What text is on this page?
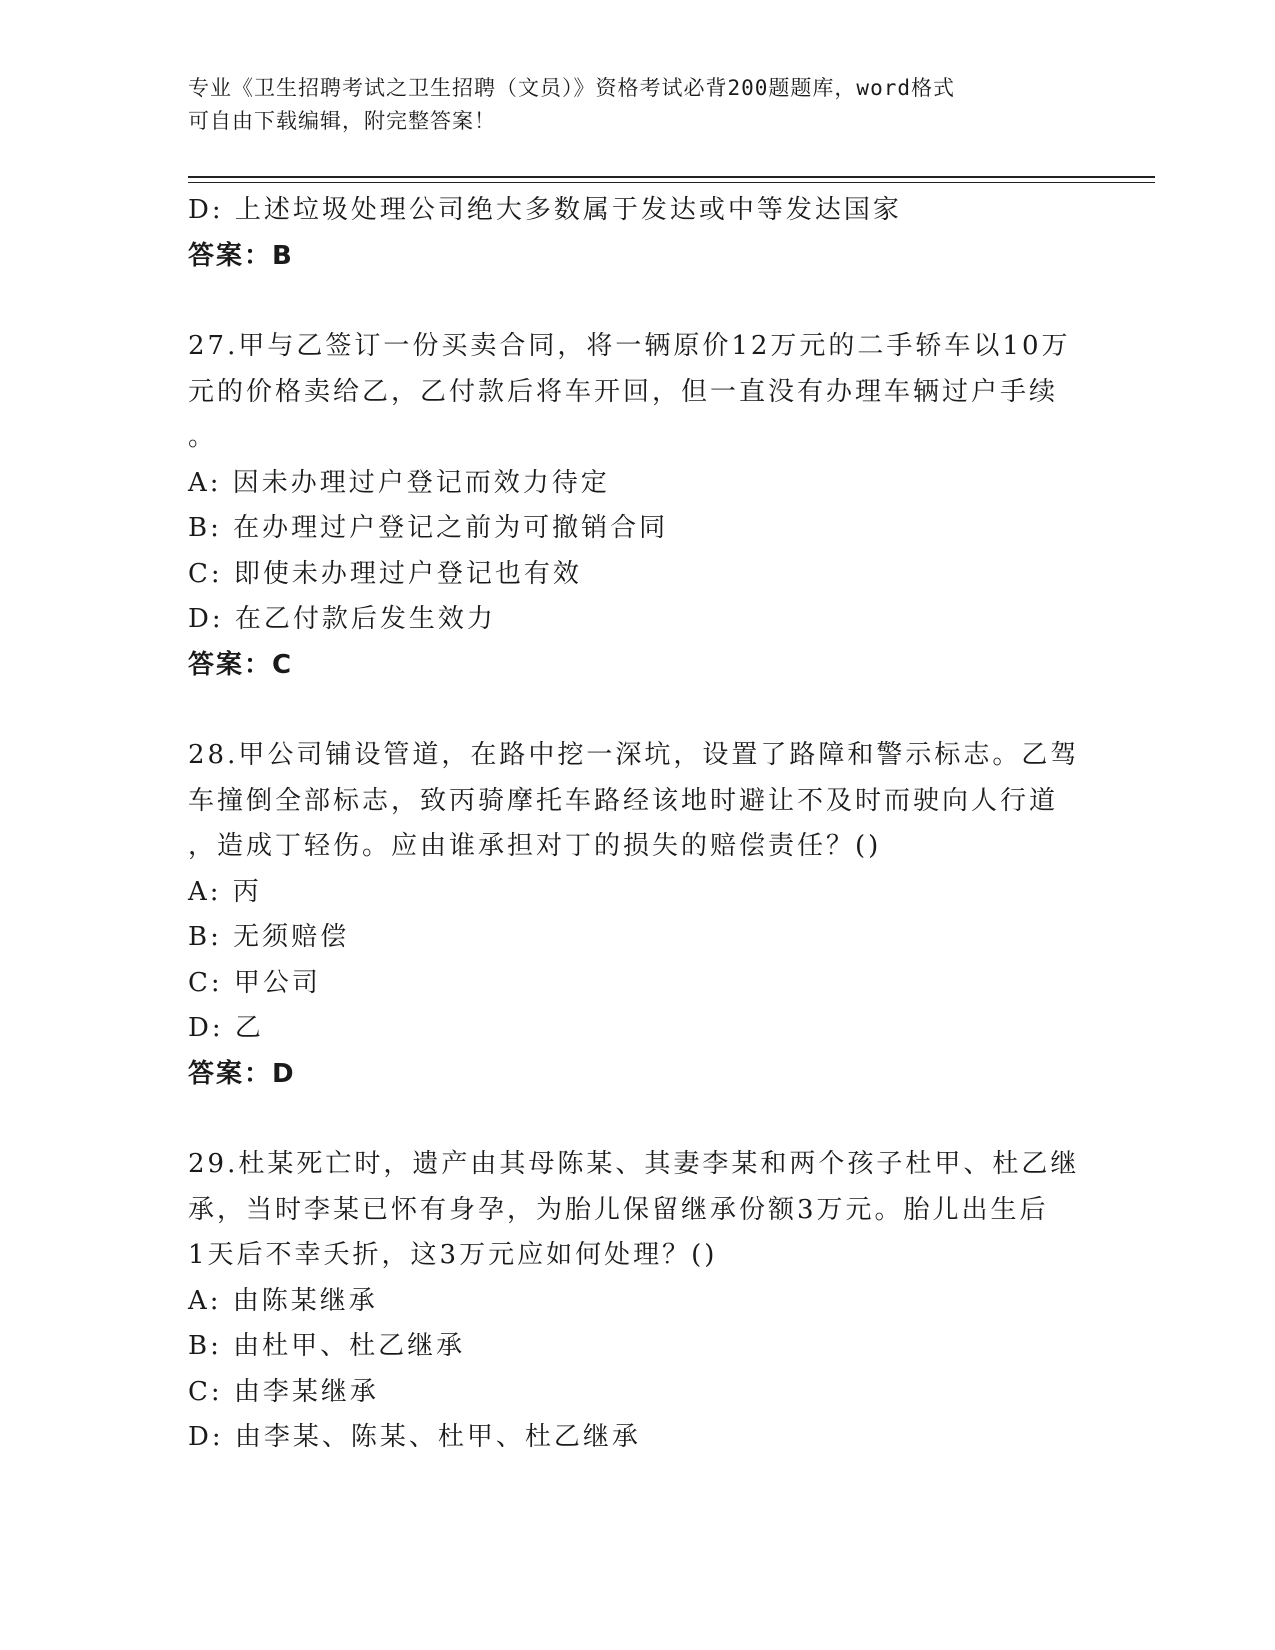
专业《卫生招聘考试之卫生招聘（文员）》资格考试必背200题题库，word格式
可自由下载编辑，附完整答案！
D: 上述垃圾处理公司绝大多数属于发达或中等发达国家
答案：B
27.甲与乙签订一份买卖合同，将一辆原价12万元的二手轿车以10万
元的价格卖给乙，乙付款后将车开回，但一直没有办理车辆过户手续
。
A: 因未办理过户登记而效力待定
B: 在办理过户登记之前为可撤销合同
C: 即使未办理过户登记也有效
D: 在乙付款后发生效力
答案：C
28.甲公司铺设管道，在路中挖一深坑，设置了路障和警示标志。乙驾
车撞倒全部标志，致丙骑摩托车路经该地时避让不及时而驶向人行道
，造成丁轻伤。应由谁承担对丁的损失的赔偿责任？()
A: 丙
B: 无须赔偿
C: 甲公司
D: 乙
答案：D
29.杜某死亡时，遗产由其母陈某、其妻李某和两个孩子杜甲、杜乙继
承，当时李某已怀有身孕，为胎儿保留继承份额3万元。胎儿出生后
1天后不幸夭折，这3万元应如何处理？()
A: 由陈某继承
B: 由杜甲、杜乙继承
C: 由李某继承
D: 由李某、陈某、杜甲、杜乙继承
